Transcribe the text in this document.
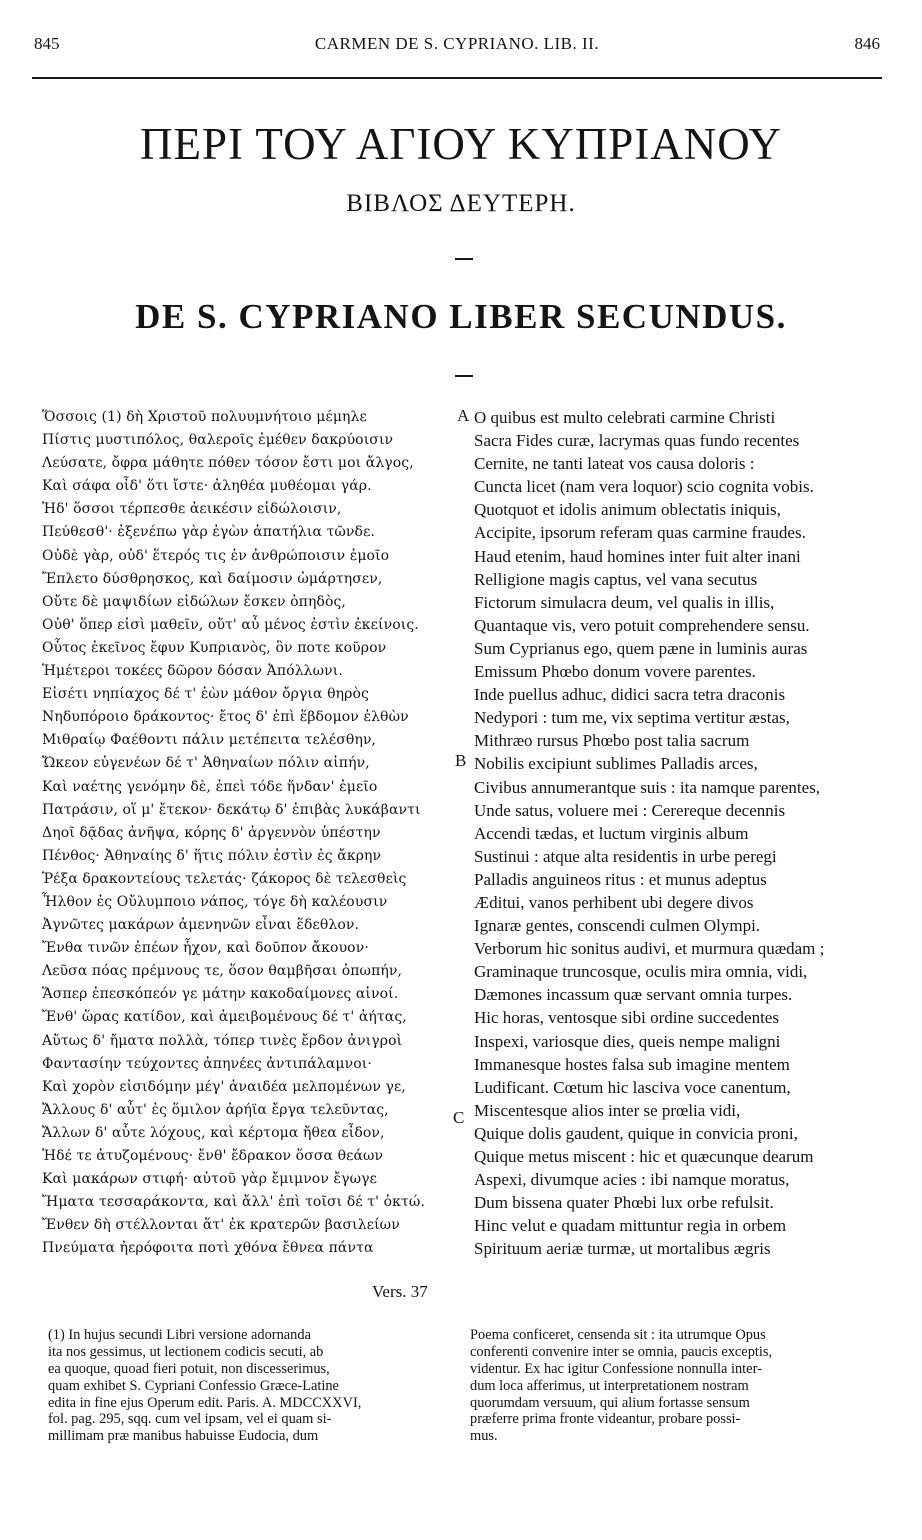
845	CARMEN DE S. CYPRIANO. LIB. II.	846
ΠΕΡΙ ΤΟΥ ΑΓΙΟΥ ΚΥΠΡΙΑΝΟΥ
ΒΙΒΛΟΣ ΔΕΥΤΕΡΗ.
DE S. CYPRIANO LIBER SECUNDUS.
Ὅσσοις (1) δὴ Χριστοῦ πολυυμνήτοιο μέμηλε
Πίστις μυστιπόλος, θαλεροῖς ἐμέθεν δακρύοισιν
Λεύσατε, ὄφρα μάθητε πόθεν τόσον ἔστι μοι ἄλγος,
Καὶ σάφα οἶδ' ὅτι ἴστε· ἀληθέα μυθέομαι γάρ.
Ἠδ' ὅσσοι τέρπεσθε ἀεικέσιν εἰδώλοισιν,
Πεύθεσθ'· ἐξενέπω γὰρ ἐγὼν ἀπατήλια τῶνδε.
Οὐδὲ γὰρ, οὐδ' ἕτερός τις ἐν ἀνθρώποισιν ἐμοῖο
Ἔπλετο δύσθρησκος, καὶ δαίμοσιν ὡμάρτησεν,
Οὔτε δὲ μαψιδίων εἰδώλων ἔσκεν ὀπηδὸς,
Οὐθ' ὅπερ εἰσὶ μαθεῖν, οὔτ' αὖ μένος ἐστὶν ἐκείνοις.
Οὗτος ἐκεῖνος ἔφυν Κυπριανὸς, ὃν ποτε κοῦρον
Ἡμέτεροι τοκέες δῶρον δόσαν Ἀπόλλωνι.
Εἰσέτι νηπίαχος δέ τ' ἐὼν μάθον ὄργια θηρὸς
Νηδυπόροιο δράκοντος· ἔτος δ' ἐπὶ ἕβδομον ἐλθὼν
Μιθραίῳ Φαέθοντι πάλιν μετέπειτα τελέσθην,
Ὤκεον εὐγενέων δέ τ' Ἀθηναίων πόλιν αἰπήν,
Καὶ ναέτης γενόμην δὲ, ἐπεὶ τόδε ἥνδαν' ἐμεῖο
Πατράσιν, οἵ μ' ἔτεκον· δεκάτῳ δ' ἐπιβὰς λυκάβαντι
Δηοῖ δᾷδας ἀνῆψα, κόρης δ' ἀργεννὸν ὑπέστην
Πένθος· Ἀθηναίης δ' ἥτις πόλιν ἐστὶν ἐς ἄκρην
Ῥέξα δρακοντείους τελετάς· ζάκορος δὲ τελεσθεὶς
Ἦλθον ἐς Οὔλυμποιο νάπος, τόγε δὴ καλέουσιν
Ἀγνῶτες μακάρων ἀμενηνῶν εἶναι ἕδεθλον.
Ἔνθα τινῶν ἐπέων ἦχον, καὶ δοῦπον ἄκουον·
Λεῦσα πόας πρέμνους τε, ὅσον θαμβῆσαι ὀπωπήν,
Ἅσπερ ἐπεσκόπεόν γε μάτην κακοδαίμονες αἰνοί.
Ἔνθ' ὥρας κατίδον, καὶ ἀμειβομένους δέ τ' ἀήτας,
Αὔτως δ' ἤματα πολλὰ, τόπερ τινὲς ἔρδον ἀνιγροὶ
Φαντασίην τεύχοντες ἀπηνέες ἀντιπάλαμνοι·
Καὶ χορὸν εἰσιδόμην μέγ' ἀναιδέα μελπομένων γε,
Ἄλλους δ' αὖτ' ἐς ὅμιλον ἀρήϊα ἔργα τελεῦντας,
Ἄλλων δ' αὖτε λόχους, καὶ κέρτομα ἤθεα εἶδον,
Ἠδέ τε ἀτυζομένους· ἔνθ' ἔδρακον ὅσσα θεάων
Καὶ μακάρων στιφή· αὐτοῦ γὰρ ἔμιμνον ἔγωγε
Ἤματα τεσσαράκοντα, καὶ ἄλλ' ἐπὶ τοῖσι δέ τ' ὀκτώ.
Ἔνθεν δὴ στέλλονται ἅτ' ἐκ κρατερῶν βασιλείων
Πνεύματα ἠερόφοιτα ποτὶ χθόνα ἔθνεα πάντα
O quibus est multo celebrati carmine Christi
Sacra Fides curæ, lacrymas quas fundo recentes
Cernite, ne tanti lateat vos causa doloris :
Cuncta licet (nam vera loquor) scio cognita vobis.
Quotquot et idolis animum oblectatis iniquis,
Accipite, ipsorum referam quas carmine fraudes.
Haud etenim, haud homines inter fuit alter inani
Relligione magis captus, vel vana secutus
Fictorum simulacra deum, vel qualis in illis,
Quantaque vis, vero potuit comprehendere sensu.
Sum Cyprianus ego, quem pæne in luminis auras
Emissum Phœbo donum vovere parentes.
Inde puellus adhuc, didici sacra tetra draconis
Nedypori : tum me, vix septima vertitur æstas,
Mithræo rursus Phœbo post talia sacrum
Nobilis excipiunt sublimes Palladis arces,
Civibus annumerantque suis : ita namque parentes,
Unde satus, voluere mei : Cerereque decennis
Accendi tædas, et luctum virginis album
Sustinui : atque alta residentis in urbe peregi
Palladis anguineos ritus : et munus adeptus
Æditui, vanos perhibent ubi degere divos
Ignaræ gentes, conscendi culmen Olympi.
Verborum hic sonitus audivi, et murmura quædam ;
Graminaque truncosque, oculis mira omnia, vidi,
Dæmones incassum quæ servant omnia turpes.
Hic horas, ventosque sibi ordine succedentes
Inspexi, variosque dies, queis nempe maligni
Immanesque hostes falsa sub imagine mentem
Ludificant. Cœtum hic lasciva voce canentum,
Miscentesque alios inter se prœlia vidi,
Quique dolis gaudent, quique in convicia proni,
Quique metus miscent : hic et quæcunque dearum
Aspexi, divumque acies : ibi namque moratus,
Dum bissena quater Phœbi lux orbe refulsit.
Hinc velut e quadam mittuntur regia in orbem
Spirituum aeriæ turmæ, ut mortalibus ægris
A
B
C
Vers. 37
(1) In hujus secundi Libri versione adornanda
ita nos gessimus, ut lectionem codicis secuti, ab
ea quoque, quoad fieri potuit, non discesserimus,
quam exhibet S. Cypriani Confessio Græce-Latine
edita in fine ejus Operum edit. Paris. A. MDCCXXVI,
fol. pag. 295, sqq. cum vel ipsam, vel ei quam si-
millimam præ manibus habuisse Eudocia, dum
Poema conficeret, censenda sit : ita utrumque Opus
conferenti convenire inter se omnia, paucis exceptis,
videntur. Ex hac igitur Confessione nonnulla inter-
dum loca afferimus, ut interpretationem nostram
quorumdam versuum, qui alium fortasse sensum
præferre prima fronte videantur, probare possi-
mus.
